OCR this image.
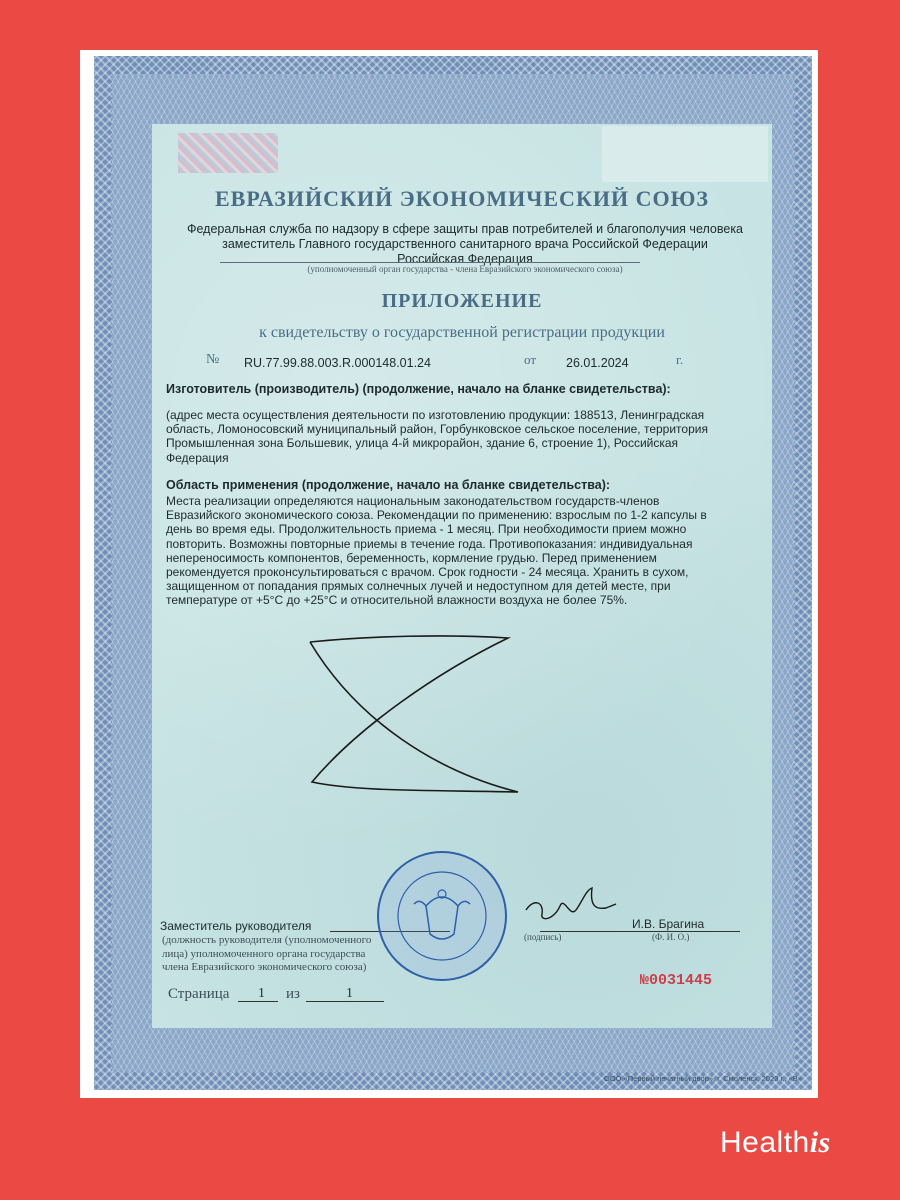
ЕВРАЗИЙСКИЙ ЭКОНОМИЧЕСКИЙ СОЮЗ
Федеральная служба по надзору в сфере защиты прав потребителей и благополучия человека
заместитель Главного государственного санитарного врача Российской Федерации
Российская Федерация
(уполномоченный орган государства - члена Евразийского экономического союза)
ПРИЛОЖЕНИЕ
к свидетельству о государственной регистрации продукции
№ RU.77.99.88.003.R.000148.01.24	от 26.01.2024	г.
Изготовитель (производитель) (продолжение, начало на бланке свидетельства):
(адрес места осуществления деятельности по изготовлению продукции: 188513, Ленинградская
область, Ломоносовский муниципальный район, Горбунковское сельское поселение, территория
Промышленная зона Большевик, улица 4-й микрорайон, здание 6, строение 1), Российская
Федерация
Область применения (продолжение, начало на бланке свидетельства):
Места реализации определяются национальным законодательством государств-членов
Евразийского экономического союза. Рекомендации по применению: взрослым по 1-2 капсулы в
день во время еды. Продолжительность приема - 1 месяц. При необходимости прием можно
повторить. Возможны повторные приемы в течение года. Противопоказания: индивидуальная
непереносимость компонентов, беременность, кормление грудью. Перед применением
рекомендуется проконсультироваться с врачом. Срок годности - 24 месяца. Хранить в сухом,
защищенном от попадания прямых солнечных лучей и недоступном для детей месте, при
температуре от +5°C до +25°C и относительной влажности воздуха не более 75%.
Заместитель руководителя
(должность руководителя (уполномоченного
лица) уполномоченного органа государства
члена Евразийского экономического союза)
(подпись)	(Ф. И. О.)
И.В. Брагина
Страница 1 из	1
№0031445
ООО «Первый печатный двор», г. Смоленск, 2023 г., «В»
Healthis
